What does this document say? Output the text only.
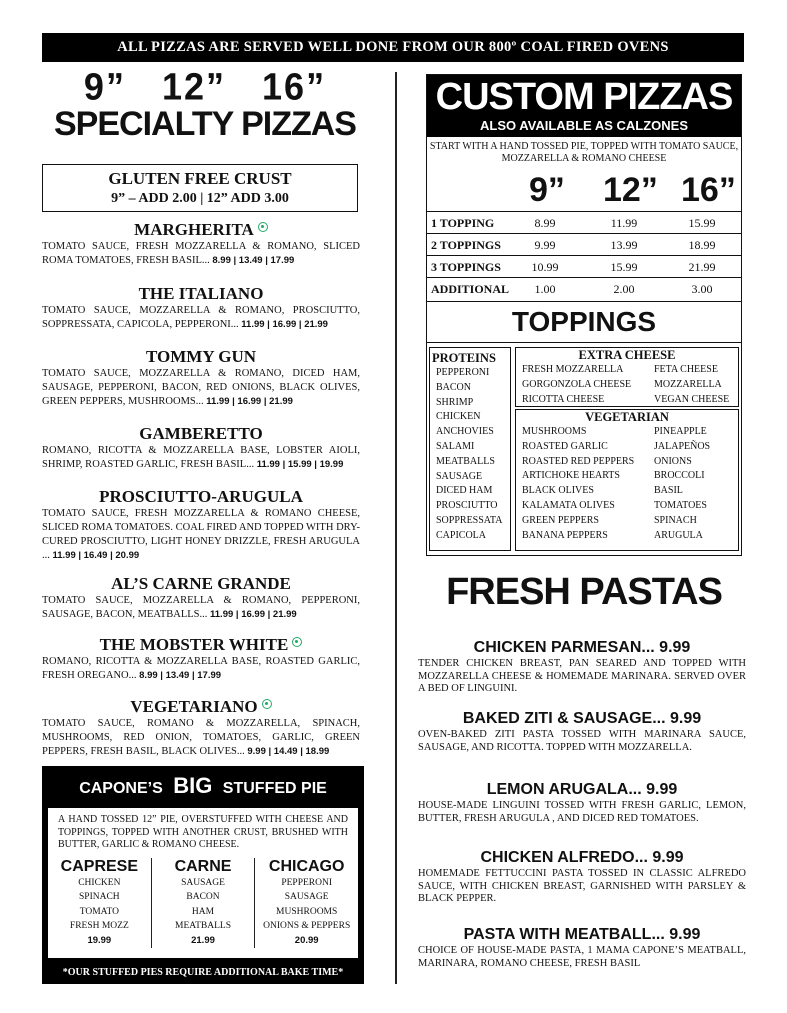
ALL PIZZAS ARE SERVED WELL DONE FROM OUR 800º COAL FIRED OVENS
9” 12” 16”
SPECIALTY PIZZAS
GLUTEN FREE CRUST
9” – ADD 2.00 | 12” ADD 3.00
MARGHERITA
TOMATO SAUCE, FRESH MOZZARELLA & ROMANO, SLICED ROMA TOMATOES, FRESH BASIL... 8.99 | 13.49 | 17.99
THE ITALIANO
TOMATO SAUCE, MOZZARELLA & ROMANO, PROSCIUTTO, SOPPRESSATA, CAPICOLA, PEPPERONI... 11.99 | 16.99 | 21.99
TOMMY GUN
TOMATO SAUCE, MOZZARELLA & ROMANO, DICED HAM, SAUSAGE, PEPPERONI, BACON, RED ONIONS, BLACK OLIVES, GREEN PEPPERS, MUSHROOMS... 11.99 | 16.99 | 21.99
GAMBERETTO
ROMANO, RICOTTA & MOZZARELLA BASE, LOBSTER AIOLI, SHRIMP, ROASTED GARLIC, FRESH BASIL... 11.99 | 15.99 | 19.99
PROSCIUTTO-ARUGULA
TOMATO SAUCE, FRESH MOZZARELLA & ROMANO CHEESE, SLICED ROMA TOMATOES. COAL FIRED AND TOPPED WITH DRY-CURED PROSCIUTTO, LIGHT HONEY DRIZZLE, FRESH ARUGULA ... 11.99 | 16.49 | 20.99
AL’S CARNE GRANDE
TOMATO SAUCE, MOZZARELLA & ROMANO, PEPPERONI, SAUSAGE, BACON, MEATBALLS... 11.99 | 16.99 | 21.99
THE MOBSTER WHITE
ROMANO, RICOTTA & MOZZARELLA BASE, ROASTED GARLIC, FRESH OREGANO... 8.99 | 13.49 | 17.99
VEGETARIANO
TOMATO SAUCE, ROMANO & MOZZARELLA, SPINACH, MUSHROOMS, RED ONION, TOMATOES, GARLIC, GREEN PEPPERS, FRESH BASIL, BLACK OLIVES... 9.99 | 14.49 | 18.99
CAPONE’S BIG STUFFED PIE
A HAND TOSSED 12” PIE, OVERSTUFFED WITH CHEESE AND TOPPINGS, TOPPED WITH ANOTHER CRUST, BRUSHED WITH BUTTER, GARLIC & ROMANO CHEESE.
CAPRESE
CHICKEN
SPINACH
TOMATO
FRESH MOZZ
19.99
CARNE
SAUSAGE
BACON
HAM
MEATBALLS
21.99
CHICAGO
PEPPERONI
SAUSAGE
MUSHROOMS
ONIONS & PEPPERS
20.99
*OUR STUFFED PIES REQUIRE ADDITIONAL BAKE TIME*
CUSTOM PIZZAS
ALSO AVAILABLE AS CALZONES
START WITH A HAND TOSSED PIE, TOPPED WITH TOMATO SAUCE, MOZZARELLA & ROMANO CHEESE
9” 12” 16”
1 TOPPING	8.99	11.99	15.99
2 TOPPINGS	9.99	13.99	18.99
3 TOPPINGS	10.99	15.99	21.99
ADDITIONAL	1.00	2.00	3.00
TOPPINGS
PROTEINS
PEPPERONI
BACON
SHRIMP
CHICKEN
ANCHOVIES
SALAMI
MEATBALLS
SAUSAGE
DICED HAM
PROSCIUTTO
SOPPRESSATA
CAPICOLA
EXTRA CHEESE
FRESH MOZZARELLA	FETA CHEESE
GORGONZOLA CHEESE	MOZZARELLA
RICOTTA CHEESE	VEGAN CHEESE
VEGETARIAN
MUSHROOMS	PINEAPPLE
ROASTED GARLIC	JALAPEÑOS
ROASTED RED PEPPERS	ONIONS
ARTICHOKE HEARTS	BROCCOLI
BLACK OLIVES	BASIL
KALAMATA OLIVES	TOMATOES
GREEN PEPPERS	SPINACH
BANANA PEPPERS	ARUGULA
FRESH PASTAS
CHICKEN PARMESAN... 9.99
TENDER CHICKEN BREAST, PAN SEARED AND TOPPED WITH MOZZARELLA CHEESE & HOMEMADE MARINARA. SERVED OVER A BED OF LINGUINI.
BAKED ZITI & SAUSAGE... 9.99
OVEN-BAKED ZITI PASTA TOSSED WITH MARINARA SAUCE, SAUSAGE, AND RICOTTA. TOPPED WITH MOZZARELLA.
LEMON ARUGALA... 9.99
HOUSE-MADE LINGUINI TOSSED WITH FRESH GARLIC, LEMON, BUTTER, FRESH ARUGULA , AND DICED RED TOMATOES.
CHICKEN ALFREDO... 9.99
HOMEMADE FETTUCCINI PASTA TOSSED IN CLASSIC ALFREDO SAUCE, WITH CHICKEN BREAST, GARNISHED WITH PARSLEY & BLACK PEPPER.
PASTA WITH MEATBALL... 9.99
CHOICE OF HOUSE-MADE PASTA, 1 MAMA CAPONE’S MEATBALL, MARINARA, ROMANO CHEESE, FRESH BASIL
